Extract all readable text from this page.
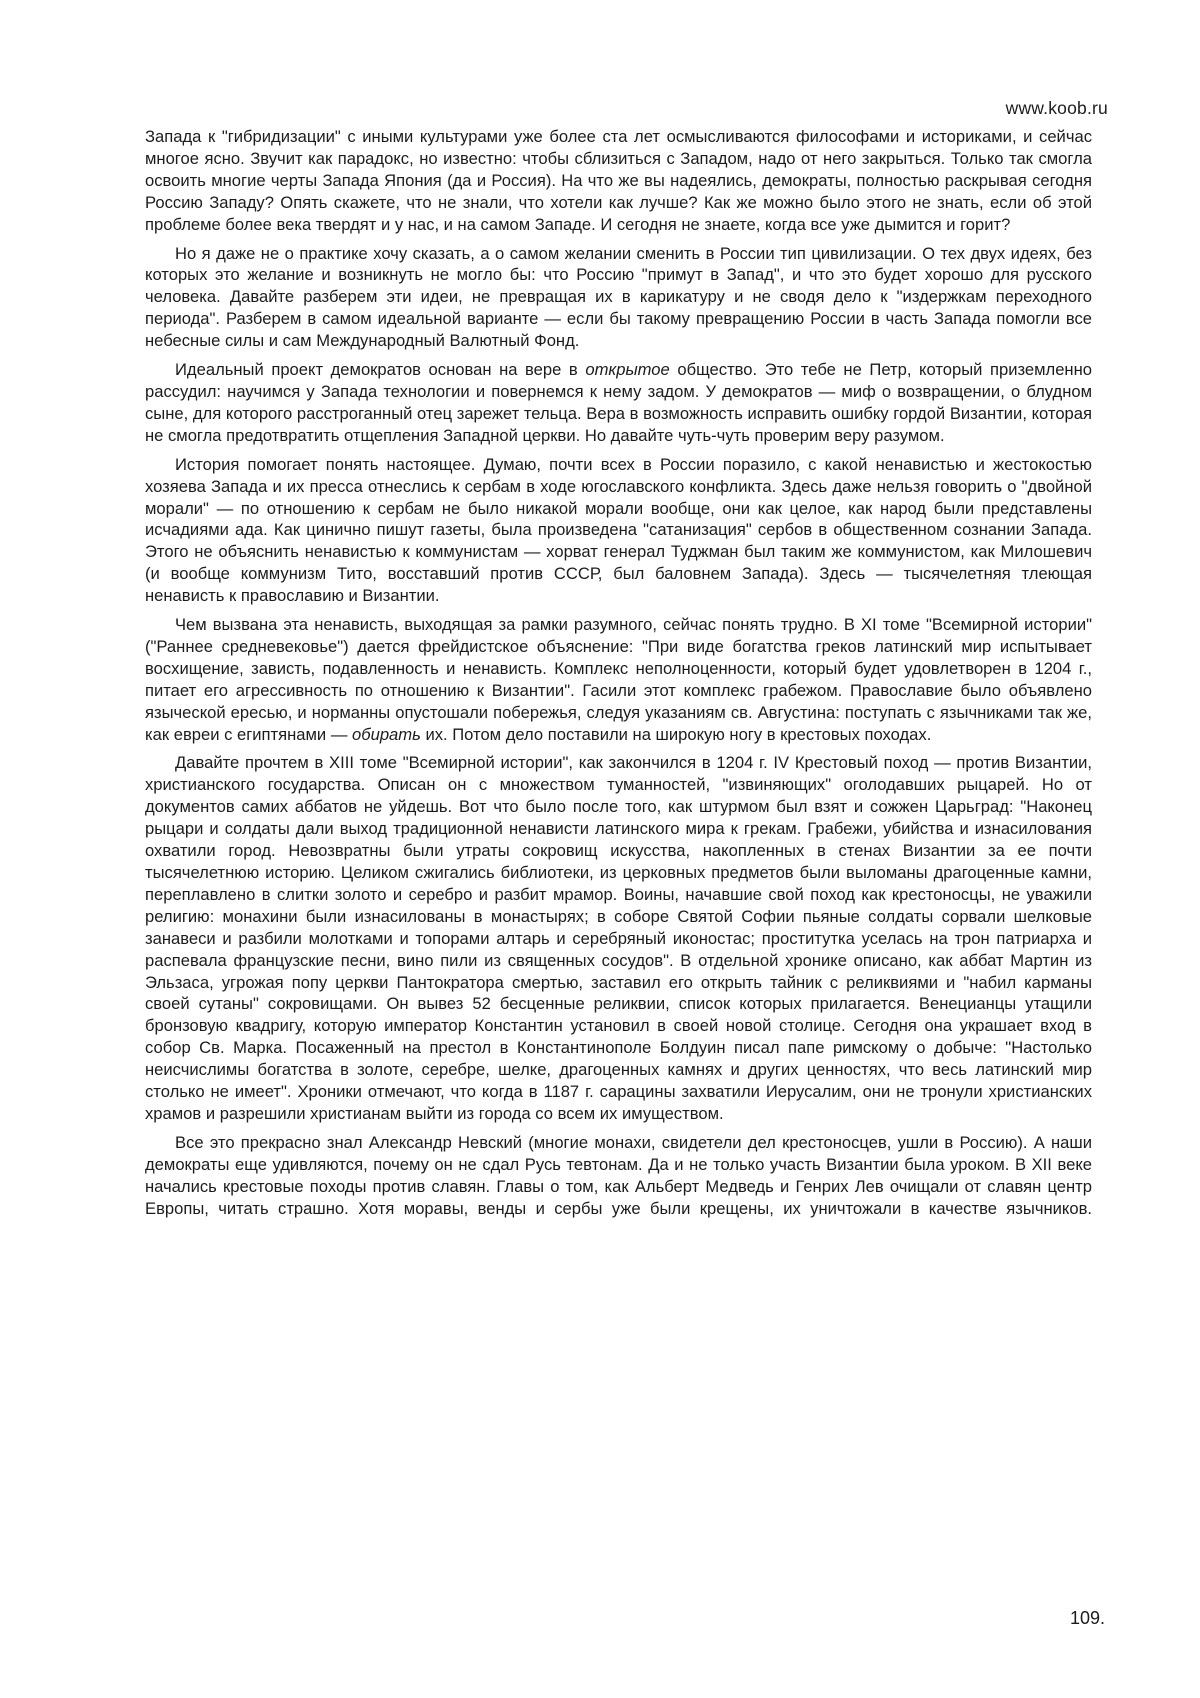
www.koob.ru

Запада к "гибридизации" с иными культурами уже более ста лет осмысливаются философами и историками, и сейчас многое ясно. Звучит как парадокс, но известно: чтобы сблизиться с Западом, надо от него закрыться. Только так смогла освоить многие черты Запада Япония (да и Россия). На что же вы надеялись, демократы, полностью раскрывая сегодня Россию Западу? Опять скажете, что не знали, что хотели как лучше? Как же можно было этого не знать, если об этой проблеме более века твердят и у нас, и на самом Западе. И сегодня не знаете, когда все уже дымится и горит?

Но я даже не о практике хочу сказать, а о самом желании сменить в России тип цивилизации. О тех двух идеях, без которых это желание и возникнуть не могло бы: что Россию "примут в Запад", и что это будет хорошо для русского человека. Давайте разберем эти идеи, не превращая их в карикатуру и не сводя дело к "издержкам переходного периода". Разберем в самом идеальной варианте — если бы такому превращению России в часть Запада помогли все небесные силы и сам Международный Валютный Фонд.

Идеальный проект демократов основан на вере в открытое общество. Это тебе не Петр, который приземленно рассудил: научимся у Запада технологии и повернемся к нему задом. У демократов — миф о возвращении, о блудном сыне, для которого расстроганный отец зарежет тельца. Вера в возможность исправить ошибку гордой Византии, которая не смогла предотвратить отщепления Западной церкви. Но давайте чуть-чуть проверим веру разумом.

История помогает понять настоящее. Думаю, почти всех в России поразило, с какой ненавистью и жестокостью хозяева Запада и их пресса отнеслись к сербам в ходе югославского конфликта. Здесь даже нельзя говорить о "двойной морали" — по отношению к сербам не было никакой морали вообще, они как целое, как народ были представлены исчадиями ада. Как цинично пишут газеты, была произведена "сатанизация" сербов в общественном сознании Запада. Этого не объяснить ненавистью к коммунистам — хорват генерал Туджман был таким же коммунистом, как Милошевич (и вообще коммунизм Тито, восставший против СССР, был баловнем Запада). Здесь — тысячелетняя тлеющая ненависть к православию и Византии.

Чем вызвана эта ненависть, выходящая за рамки разумного, сейчас понять трудно. В XI томе "Всемирной истории" ("Раннее средневековье") дается фрейдистское объяснение: "При виде богатства греков латинский мир испытывает восхищение, зависть, подавленность и ненависть. Комплекс неполноценности, который будет удовлетворен в 1204 г., питает его агрессивность по отношению к Византии". Гасили этот комплекс грабежом. Православие было объявлено языческой ересью, и норманны опустошали побережья, следуя указаниям св. Августина: поступать с язычниками так же, как евреи с египтянами — обирать их. Потом дело поставили на широкую ногу в крестовых походах.

Давайте прочтем в XIII томе "Всемирной истории", как закончился в 1204 г. IV Крестовый поход — против Византии, христианского государства. Описан он с множеством туманностей, "извиняющих" оголодавших рыцарей. Но от документов самих аббатов не уйдешь. Вот что было после того, как штурмом был взят и сожжен Царьград: "Наконец рыцари и солдаты дали выход традиционной ненависти латинского мира к грекам. Грабежи, убийства и изнасилования охватили город. Невозвратны были утраты сокровищ искусства, накопленных в стенах Византии за ее почти тысячелетнюю историю. Целиком сжигались библиотеки, из церковных предметов были выломаны драгоценные камни, переплавлено в слитки золото и серебро и разбит мрамор. Воины, начавшие свой поход как крестоносцы, не уважили религию: монахини были изнасилованы в монастырях; в соборе Святой Софии пьяные солдаты сорвали шелковые занавеси и разбили молотками и топорами алтарь и серебряный иконостас; проститутка уселась на трон патриарха и распевала французские песни, вино пили из священных сосудов". В отдельной хронике описано, как аббат Мартин из Эльзаса, угрожая попу церкви Пантократора смертью, заставил его открыть тайник с реликвиями и "набил карманы своей сутаны" сокровищами. Он вывез 52 бесценные реликвии, список которых прилагается. Венецианцы утащили бронзовую квадригу, которую император Константин установил в своей новой столице. Сегодня она украшает вход в собор Св. Марка. Посаженный на престол в Константинополе Болдуин писал папе римскому о добыче: "Настолько неисчислимы богатства в золоте, серебре, шелке, драгоценных камнях и других ценностях, что весь латинский мир столько не имеет". Хроники отмечают, что когда в 1187 г. сарацины захватили Иерусалим, они не тронули христианских храмов и разрешили христианам выйти из города со всем их имуществом.

Все это прекрасно знал Александр Невский (многие монахи, свидетели дел крестоносцев, ушли в Россию). А наши демократы еще удивляются, почему он не сдал Русь тевтонам. Да и не только участь Византии была уроком. В XII веке начались крестовые походы против славян. Главы о том, как Альберт Медведь и Генрих Лев очищали от славян центр Европы, читать страшно. Хотя моравы, венды и сербы уже были крещены, их уничтожали в качестве язычников.

109.
